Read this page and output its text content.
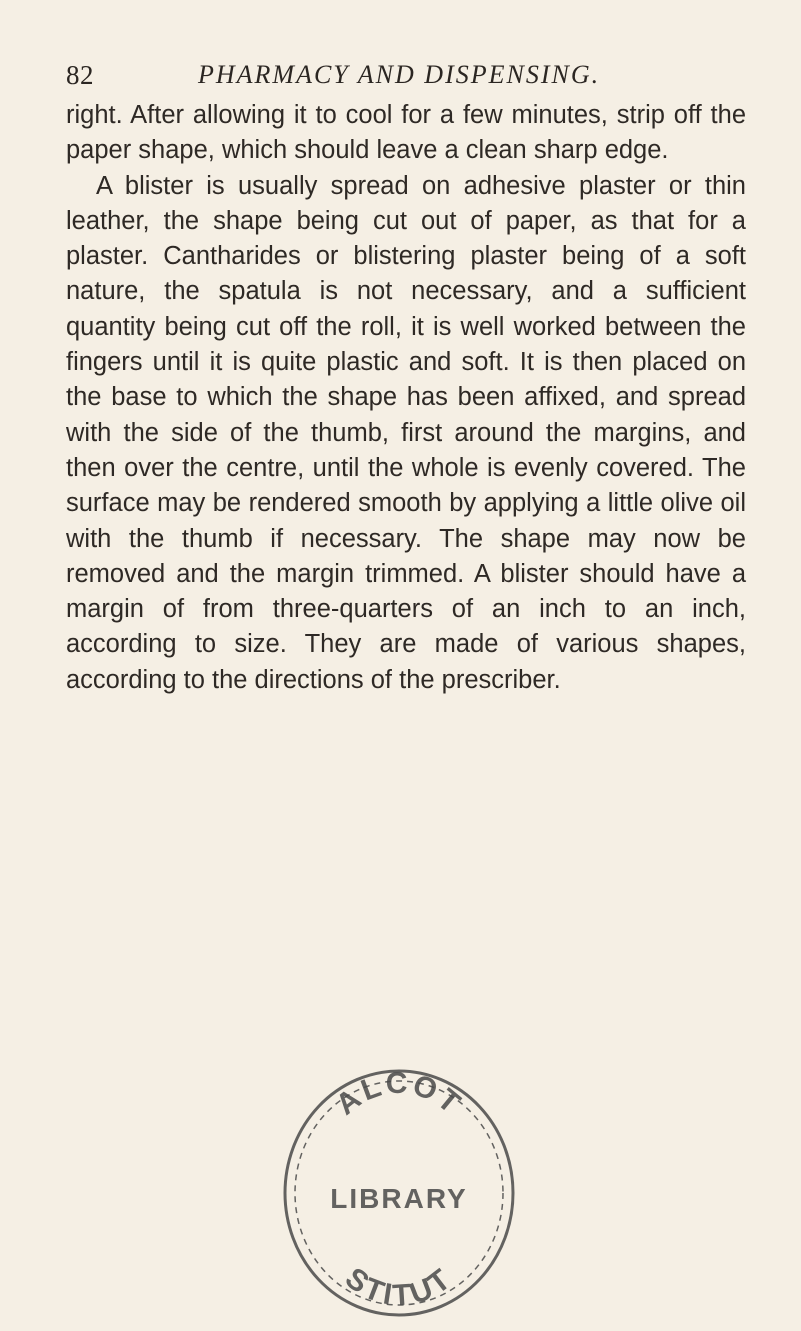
82	PHARMACY AND DISPENSING.

right. After allowing it to cool for a few minutes, strip off the paper shape, which should leave a clean sharp edge.

A blister is usually spread on adhesive plaster or thin leather, the shape being cut out of paper, as that for a plaster. Cantharides or blistering plaster being of a soft nature, the spatula is not necessary, and a sufficient quantity being cut off the roll, it is well worked between the fingers until it is quite plastic and soft. It is then placed on the base to which the shape has been affixed, and spread with the side of the thumb, first around the margins, and then over the centre, until the whole is evenly covered. The surface may be rendered smooth by applying a little olive oil with the thumb if necessary. The shape may now be removed and the margin trimmed. A blister should have a margin of from three-quarters of an inch to an inch, according to size. They are made of various shapes, according to the directions of the prescriber.

ALCOT
LIBRARY
STITUT
